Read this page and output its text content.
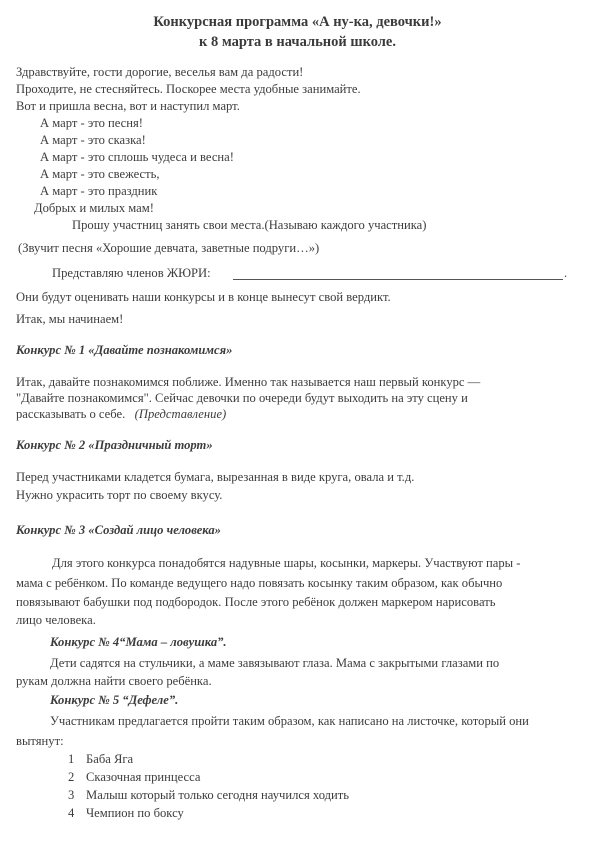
Конкурсная программа «А ну-ка, девочки!»
к 8 марта в начальной школе.
Здравствуйте, гости дорогие, веселья вам да радости!
Проходите, не стесняйтесь. Поскорее места удобные занимайте.
Вот и пришла весна, вот и наступил март.
А март - это песня!
А март - это сказка!
А март - это сплошь чудеса и весна!
А март - это свежесть,
А март - это праздник
Добрых и милых мам!
Прошу участниц занять свои места.(Называю каждого участника)
(Звучит песня «Хорошие девчата, заветные подруги…»)
Представляю членов ЖЮРИ:	.
Они будут оценивать наши конкурсы и в конце вынесут свой вердикт.
Итак, мы начинаем!
Конкурс № 1 «Давайте познакомимся»
Итак, давайте познакомимся поближе. Именно так называется наш первый конкурс —
"Давайте познакомимся". Сейчас девочки по очереди будут выходить на эту сцену и
рассказывать о себе. (Представление)
Конкурс № 2 «Праздничный торт»
Перед участниками кладется бумага, вырезанная в виде круга, овала и т.д.
Нужно украсить торт по своему вкусу.
Конкурс № 3 «Создай лицо человека»
Для этого конкурса понадобятся надувные шары, косынки, маркеры. Участвуют пары -
мама с ребёнком. По команде ведущего надо повязать косынку таким образом, как обычно
повязывают бабушки под подбородок. После этого ребёнок должен маркером нарисовать
лицо человека.
Конкурс № 4“Мама – ловушка”.
Дети садятся на стульчики, а маме завязывают глаза. Мама с закрытыми глазами по
рукам должна найти своего ребёнка.
Конкурс № 5 “Дефеле”.
Участникам предлагается пройти таким образом, как написано на листочке, который они
вытянут:
1 Баба Яга
2 Сказочная принцесса
3 Малыш который только сегодня научился ходить
4 Чемпион по боксу
